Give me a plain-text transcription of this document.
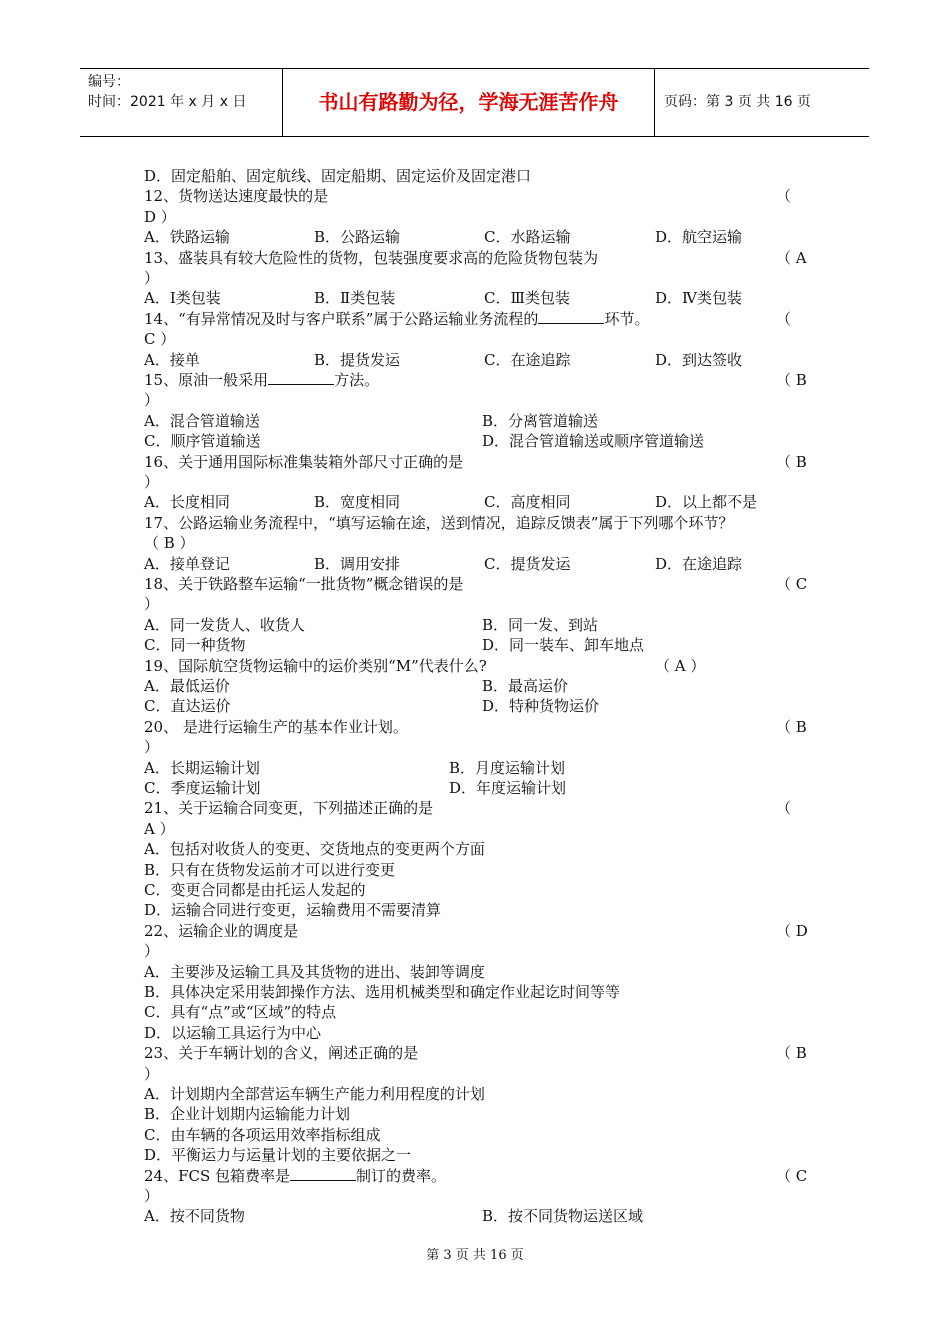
编号：
时间：2021 年 x 月 x 日	书山有路勤为径，学海无涯苦作舟	页码：第 3 页 共 16 页
D．固定船舶、固定航线、固定船期、固定运价及固定港口
12、货物送达速度最快的是	（
D ）
A．铁路运输	B．公路运输	C．水路运输	D．航空运输
13、盛装具有较大危险性的货物，包装强度要求高的危险货物包装为	（ A
）
A．Ⅰ类包装	B．Ⅱ类包装	C．Ⅲ类包装	D．Ⅳ类包装
14、“有异常情况及时与客户联系”属于公路运输业务流程的	环节。	（
C ）
A．接单	B．提货发运	C．在途追踪	D．到达签收
15、原油一般采用	方法。	（ B
）
A．混合管道输送	B．分离管道输送
C．顺序管道输送	D．混合管道输送或顺序管道输送
16、关于通用国际标准集装箱外部尺寸正确的是	（ B
）
A．长度相同	B．宽度相同	C．高度相同	D．以上都不是
17、公路运输业务流程中，“填写运输在途，送到情况，追踪反馈表”属于下列哪个环节？
（ B ）
A．接单登记	B．调用安排	C．提货发运	D．在途追踪
18、关于铁路整车运输“一批货物”概念错误的是	（ C
）
A．同一发货人、收货人	B．同一发、到站
C．同一种货物	D．同一装车、卸车地点
19、国际航空货物运输中的运价类别“M”代表什么?	（ A ）
A．最低运价	B．最高运价
C．直达运价	D．特种货物运价
20、 是进行运输生产的基本作业计划。	（ B
）
A．长期运输计划	B．月度运输计划
C．季度运输计划	D．年度运输计划
21、关于运输合同变更，下列描述正确的是	（
A ）
A．包括对收货人的变更、交货地点的变更两个方面
B．只有在货物发运前才可以进行变更
C．变更合同都是由托运人发起的
D．运输合同进行变更，运输费用不需要清算
22、运输企业的调度是	（ D
）
A．主要涉及运输工具及其货物的进出、装卸等调度
B．具体决定采用装卸操作方法、选用机械类型和确定作业起讫时间等等
C．具有“点”或“区域”的特点
D．以运输工具运行为中心
23、关于车辆计划的含义，阐述正确的是	（ B
）
A．计划期内全部营运车辆生产能力利用程度的计划
B．企业计划期内运输能力计划
C．由车辆的各项运用效率指标组成
D．平衡运力与运量计划的主要依据之一
24、FCS 包箱费率是	制订的费率。	（ C
）
A．按不同货物	B．按不同货物运送区域
第 3 页 共 16 页
